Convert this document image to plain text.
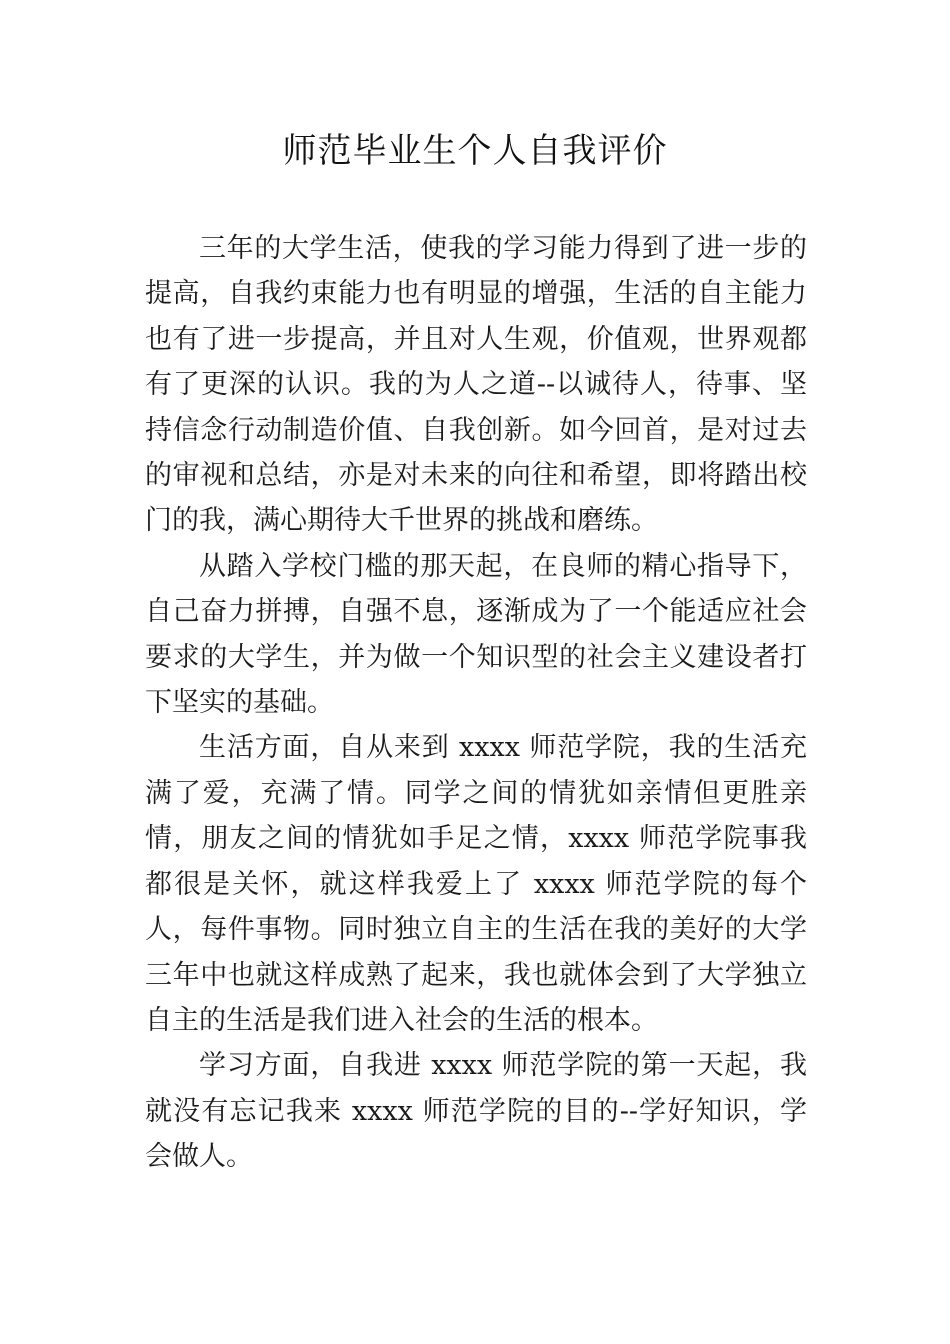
师范毕业生个人自我评价

三年的大学生活，使我的学习能力得到了进一步的提高，自我约束能力也有明显的增强，生活的自主能力也有了进一步提高，并且对人生观，价值观，世界观都有了更深的认识。我的为人之道--以诚待人，待事、坚持信念行动制造价值、自我创新。如今回首，是对过去的审视和总结，亦是对未来的向往和希望，即将踏出校门的我，满心期待大千世界的挑战和磨练。

从踏入学校门槛的那天起，在良师的精心指导下，自己奋力拼搏，自强不息，逐渐成为了一个能适应社会要求的大学生，并为做一个知识型的社会主义建设者打下坚实的基础。

生活方面，自从来到 xxxx 师范学院，我的生活充满了爱，充满了情。同学之间的情犹如亲情但更胜亲情，朋友之间的情犹如手足之情，xxxx 师范学院事我都很是关怀，就这样我爱上了 xxxx 师范学院的每个人，每件事物。同时独立自主的生活在我的美好的大学三年中也就这样成熟了起来，我也就体会到了大学独立自主的生活是我们进入社会的生活的根本。

学习方面，自我进 xxxx 师范学院的第一天起，我就没有忘记我来 xxxx 师范学院的目的--学好知识，学会做人。
